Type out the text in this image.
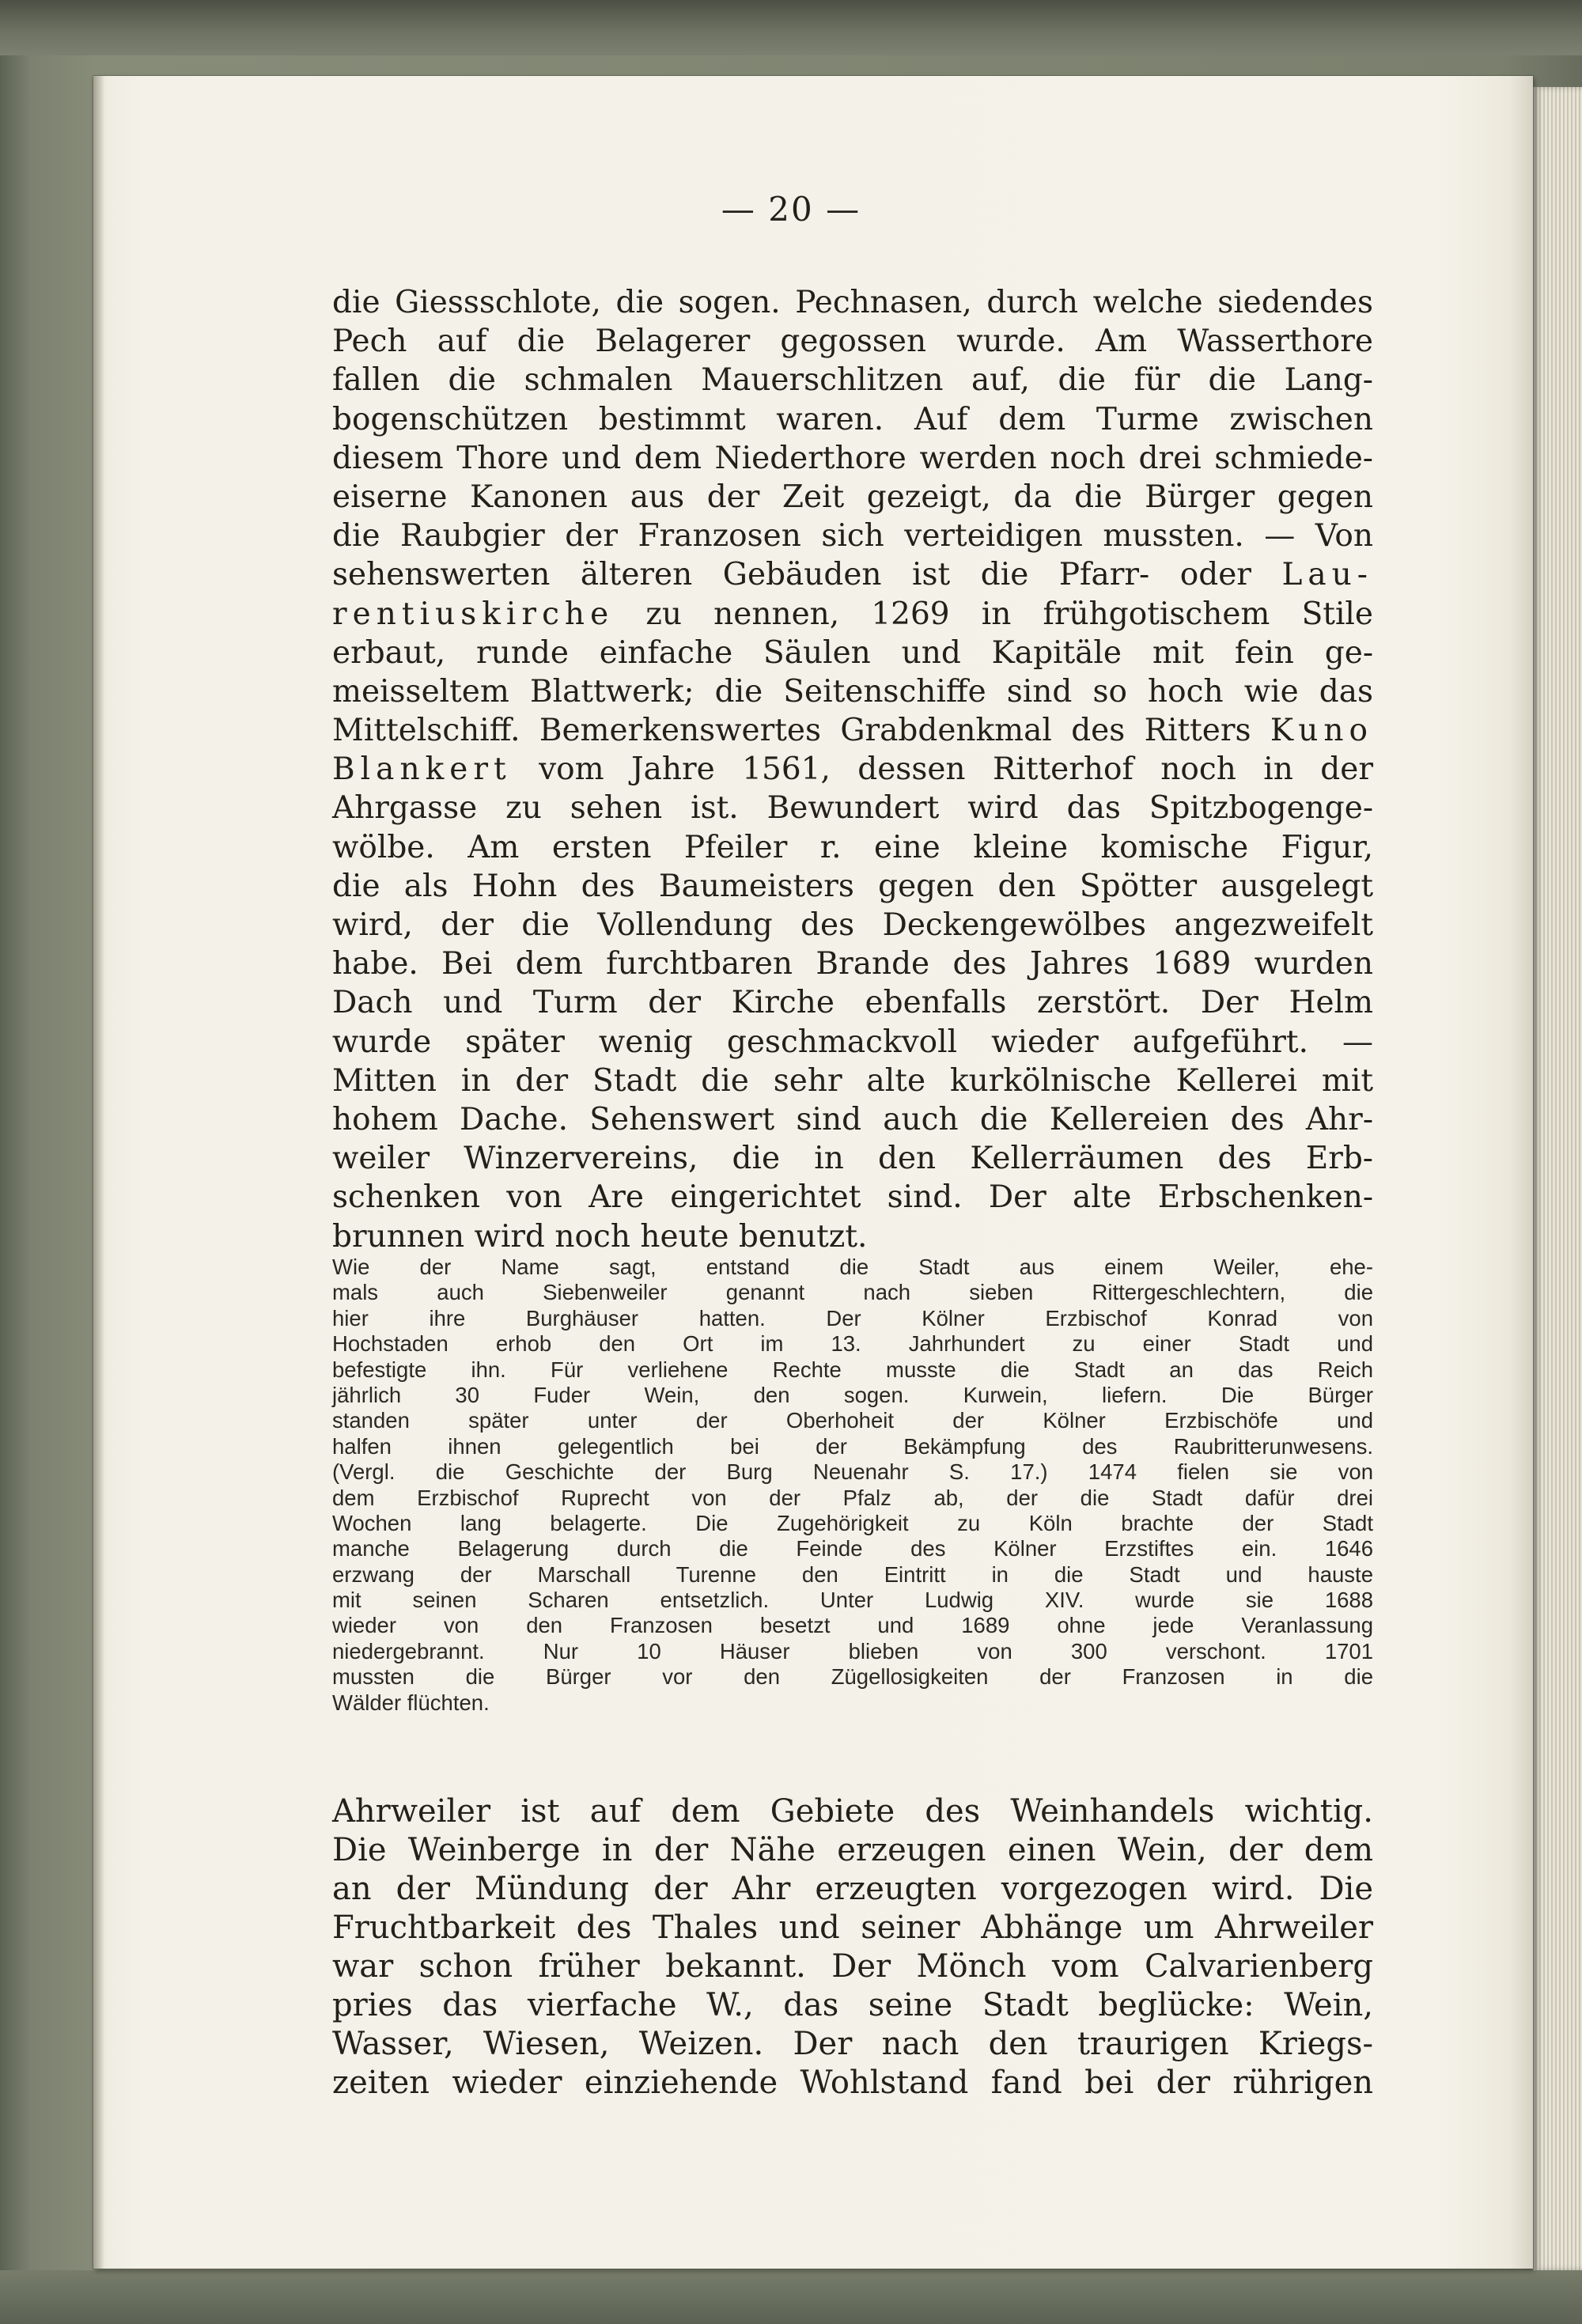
— 20 —
die Giessschlote, die sogen. Pechnasen, durch welche siedendes
Pech auf die Belagerer gegossen wurde. Am Wasserthore
fallen die schmalen Mauerschlitzen auf, die für die Lang-
bogenschützen bestimmt waren. Auf dem Turme zwischen
diesem Thore und dem Niederthore werden noch drei schmiede-
eiserne Kanonen aus der Zeit gezeigt, da die Bürger gegen
die Raubgier der Franzosen sich verteidigen mussten. — Von
sehenswerten älteren Gebäuden ist die Pfarr- oder Lau-
rentiuskirche zu nennen, 1269 in frühgotischem Stile
erbaut, runde einfache Säulen und Kapitäle mit fein ge-
meisseltem Blattwerk; die Seitenschiffe sind so hoch wie das
Mittelschiff. Bemerkenswertes Grabdenkmal des Ritters Kuno
Blankert vom Jahre 1561, dessen Ritterhof noch in der
Ahrgasse zu sehen ist. Bewundert wird das Spitzbogenge-
wölbe. Am ersten Pfeiler r. eine kleine komische Figur,
die als Hohn des Baumeisters gegen den Spötter ausgelegt
wird, der die Vollendung des Deckengewölbes angezweifelt
habe. Bei dem furchtbaren Brande des Jahres 1689 wurden
Dach und Turm der Kirche ebenfalls zerstört. Der Helm
wurde später wenig geschmackvoll wieder aufgeführt. —
Mitten in der Stadt die sehr alte kurkölnische Kellerei mit
hohem Dache. Sehenswert sind auch die Kellereien des Ahr-
weiler Winzervereins, die in den Kellerräumen des Erb-
schenken von Are eingerichtet sind. Der alte Erbschenken-
brunnen wird noch heute benutzt.
Wie der Name sagt, entstand die Stadt aus einem Weiler, ehe-
mals auch Siebenweiler genannt nach sieben Rittergeschlechtern, die
hier ihre Burghäuser hatten. Der Kölner Erzbischof Konrad von
Hochstaden erhob den Ort im 13. Jahrhundert zu einer Stadt und
befestigte ihn. Für verliehene Rechte musste die Stadt an das Reich
jährlich 30 Fuder Wein, den sogen. Kurwein, liefern. Die Bürger
standen später unter der Oberhoheit der Kölner Erzbischöfe und
halfen ihnen gelegentlich bei der Bekämpfung des Raubritterunwesens.
(Vergl. die Geschichte der Burg Neuenahr S. 17.) 1474 fielen sie von
dem Erzbischof Ruprecht von der Pfalz ab, der die Stadt dafür drei
Wochen lang belagerte. Die Zugehörigkeit zu Köln brachte der Stadt
manche Belagerung durch die Feinde des Kölner Erzstiftes ein. 1646
erzwang der Marschall Turenne den Eintritt in die Stadt und hauste
mit seinen Scharen entsetzlich. Unter Ludwig XIV. wurde sie 1688
wieder von den Franzosen besetzt und 1689 ohne jede Veranlassung
niedergebrannt. Nur 10 Häuser blieben von 300 verschont. 1701
mussten die Bürger vor den Zügellosigkeiten der Franzosen in die
Wälder flüchten.
Ahrweiler ist auf dem Gebiete des Weinhandels wichtig.
Die Weinberge in der Nähe erzeugen einen Wein, der dem
an der Mündung der Ahr erzeugten vorgezogen wird. Die
Fruchtbarkeit des Thales und seiner Abhänge um Ahrweiler
war schon früher bekannt. Der Mönch vom Calvarienberg
pries das vierfache W., das seine Stadt beglücke: Wein,
Wasser, Wiesen, Weizen. Der nach den traurigen Kriegs-
zeiten wieder einziehende Wohlstand fand bei der rührigen
